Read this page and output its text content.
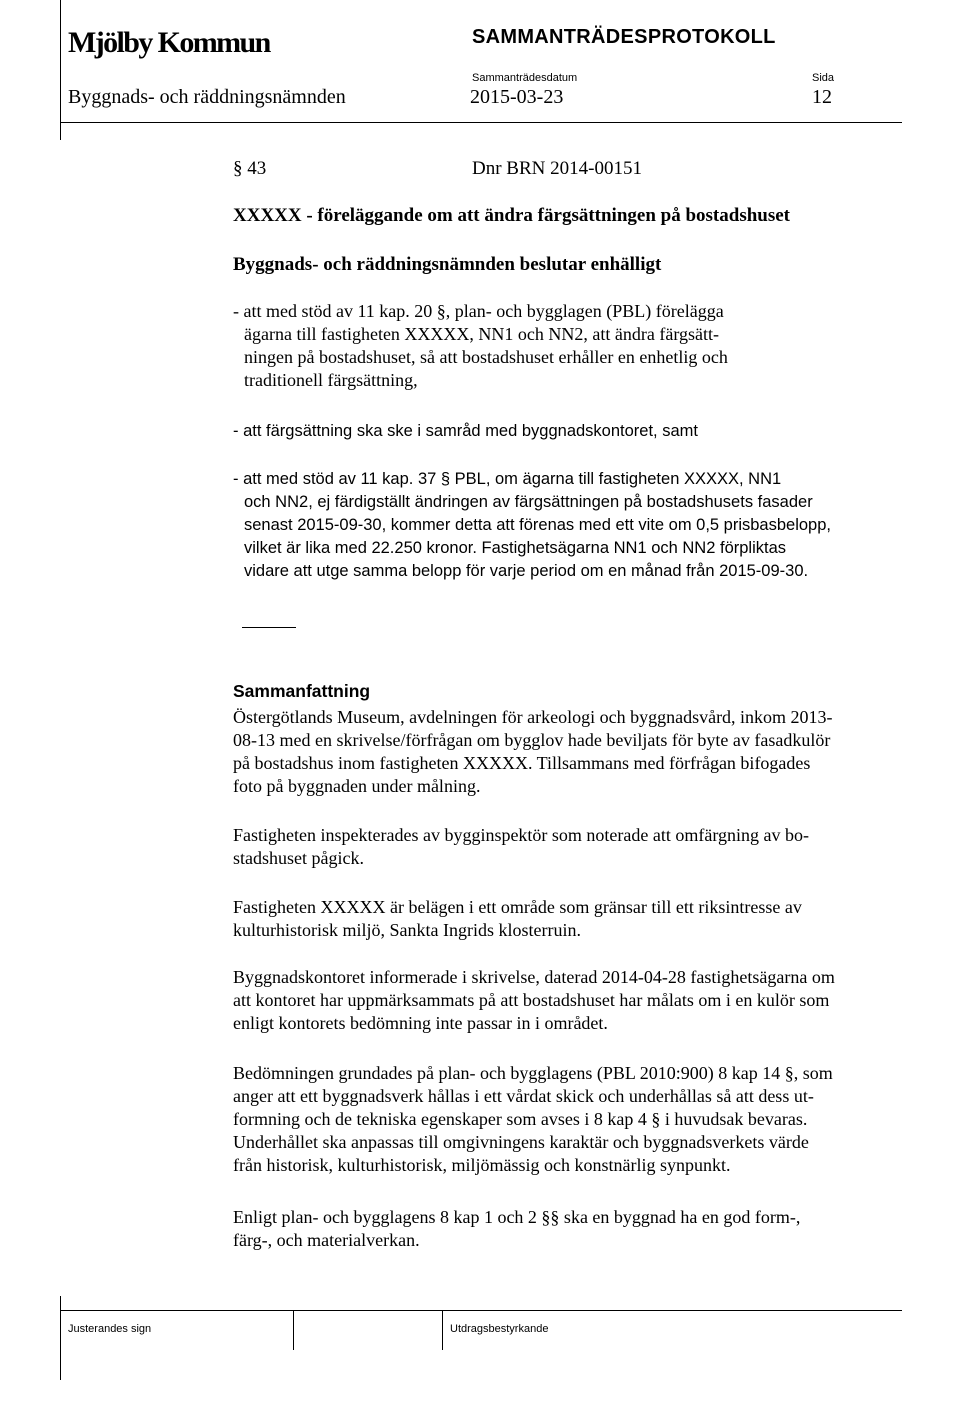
Mjölby Kommun	SAMMANTRÄDESPROTOKOLL
Sammanträdesdatum	Sida
Byggnads- och räddningsnämnden	2015-03-23	12
§ 43	Dnr BRN 2014-00151
XXXXX - föreläggande om att ändra färgsättningen på bostadshuset
Byggnads- och räddningsnämnden beslutar enhälligt
- att med stöd av 11 kap. 20 §, plan- och bygglagen (PBL) förelägga
ägarna till fastigheten XXXXX, NN1 och NN2, att ändra färgsätt-
ningen på bostadshuset, så att bostadshuset erhåller en enhetlig och
traditionell färgsättning,
- att färgsättning ska ske i samråd med byggnadskontoret, samt
- att med stöd av 11 kap. 37 § PBL, om ägarna till fastigheten XXXXX, NN1
och NN2, ej färdigställt ändringen av färgsättningen på bostadshusets fasader
senast 2015-09-30, kommer detta att förenas med ett vite om 0,5 prisbasbelopp,
vilket är lika med 22.250 kronor. Fastighetsägarna NN1 och NN2 förpliktas
vidare att utge samma belopp för varje period om en månad från 2015-09-30.
Sammanfattning
Östergötlands Museum, avdelningen för arkeologi och byggnadsvård, inkom 2013-
08-13 med en skrivelse/förfrågan om bygglov hade beviljats för byte av fasadkulör
på bostadshus inom fastigheten XXXXX. Tillsammans med förfrågan bifogades
foto på byggnaden under målning.
Fastigheten inspekterades av bygginspektör som noterade att omfärgning av bo-
stadshuset pågick.
Fastigheten XXXXX är belägen i ett område som gränsar till ett riksintresse av
kulturhistorisk miljö, Sankta Ingrids klosterruin.
Byggnadskontoret informerade i skrivelse, daterad 2014-04-28 fastighetsägarna om
att kontoret har uppmärksammats på att bostadshuset har målats om i en kulör som
enligt kontorets bedömning inte passar in i området.
Bedömningen grundades på plan- och bygglagens (PBL 2010:900) 8 kap 14 §, som
anger att ett byggnadsverk hållas i ett vårdat skick och underhållas så att dess ut-
formning och de tekniska egenskaper som avses i 8 kap 4 § i huvudsak bevaras.
Underhållet ska anpassas till omgivningens karaktär och byggnadsverkets värde
från historisk, kulturhistorisk, miljömässig och konstnärlig synpunkt.
Enligt plan- och bygglagens 8 kap 1 och 2 §§ ska en byggnad ha en god form-,
färg-, och materialverkan.
Justerandes sign	Utdragsbestyrkande
